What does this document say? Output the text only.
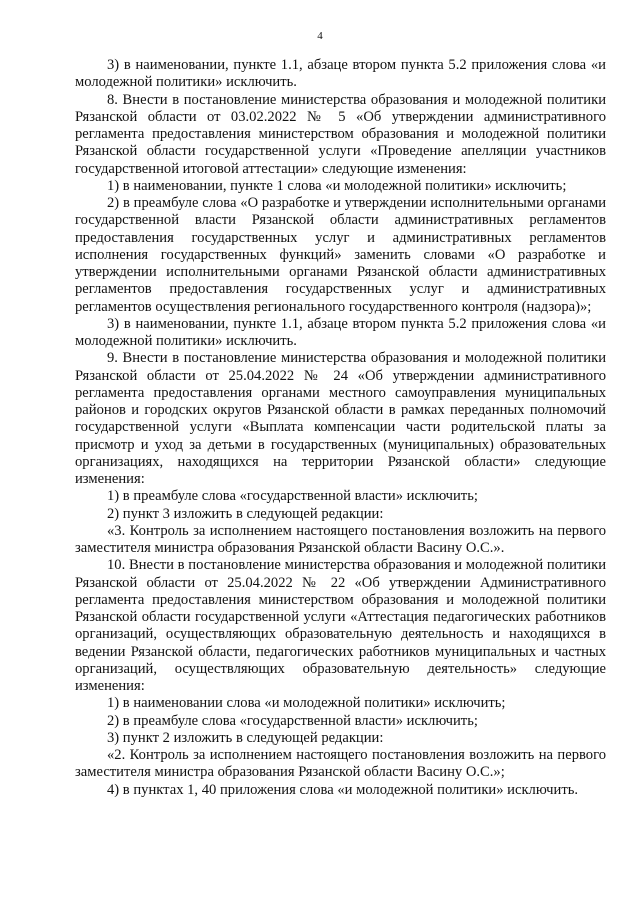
4

3) в наименовании, пункте 1.1, абзаце втором пункта 5.2 приложения слова «и молодежной политики» исключить.

8. Внести в постановление министерства образования и молодежной политики Рязанской области от 03.02.2022 № 5 «Об утверждении административного регламента предоставления министерством образования и молодежной политики Рязанской области государственной услуги «Проведение апелляции участников государственной итоговой аттестации» следующие изменения:

1) в наименовании, пункте 1 слова «и молодежной политики» исключить;

2) в преамбуле слова «О разработке и утверждении исполнительными органами государственной власти Рязанской области административных регламентов предоставления государственных услуг и административных регламентов исполнения государственных функций» заменить словами «О разработке и утверждении исполнительными органами Рязанской области административных регламентов предоставления государственных услуг и административных регламентов осуществления регионального государственного контроля (надзора)»;

3) в наименовании, пункте 1.1, абзаце втором пункта 5.2 приложения слова «и молодежной политики» исключить.

9. Внести в постановление министерства образования и молодежной политики Рязанской области от 25.04.2022 № 24 «Об утверждении административного регламента предоставления органами местного самоуправления муниципальных районов и городских округов Рязанской области в рамках переданных полномочий государственной услуги «Выплата компенсации части родительской платы за присмотр и уход за детьми в государственных (муниципальных) образовательных организациях, находящихся на территории Рязанской области» следующие изменения:

1) в преамбуле слова «государственной власти» исключить;

2) пункт 3 изложить в следующей редакции:

«3. Контроль за исполнением настоящего постановления возложить на первого заместителя министра образования Рязанской области Васину О.С.».

10. Внести в постановление министерства образования и молодежной политики Рязанской области от 25.04.2022 № 22 «Об утверждении Административного регламента предоставления министерством образования и молодежной политики Рязанской области государственной услуги «Аттестация педагогических работников организаций, осуществляющих образовательную деятельность и находящихся в ведении Рязанской области, педагогических работников муниципальных и частных организаций, осуществляющих образовательную деятельность» следующие изменения:

1) в наименовании слова «и молодежной политики» исключить;

2) в преамбуле слова «государственной власти» исключить;

3) пункт 2 изложить в следующей редакции:

«2. Контроль за исполнением настоящего постановления возложить на первого заместителя министра образования Рязанской области Васину О.С.»;

4) в пунктах 1, 40 приложения слова «и молодежной политики» исключить.
